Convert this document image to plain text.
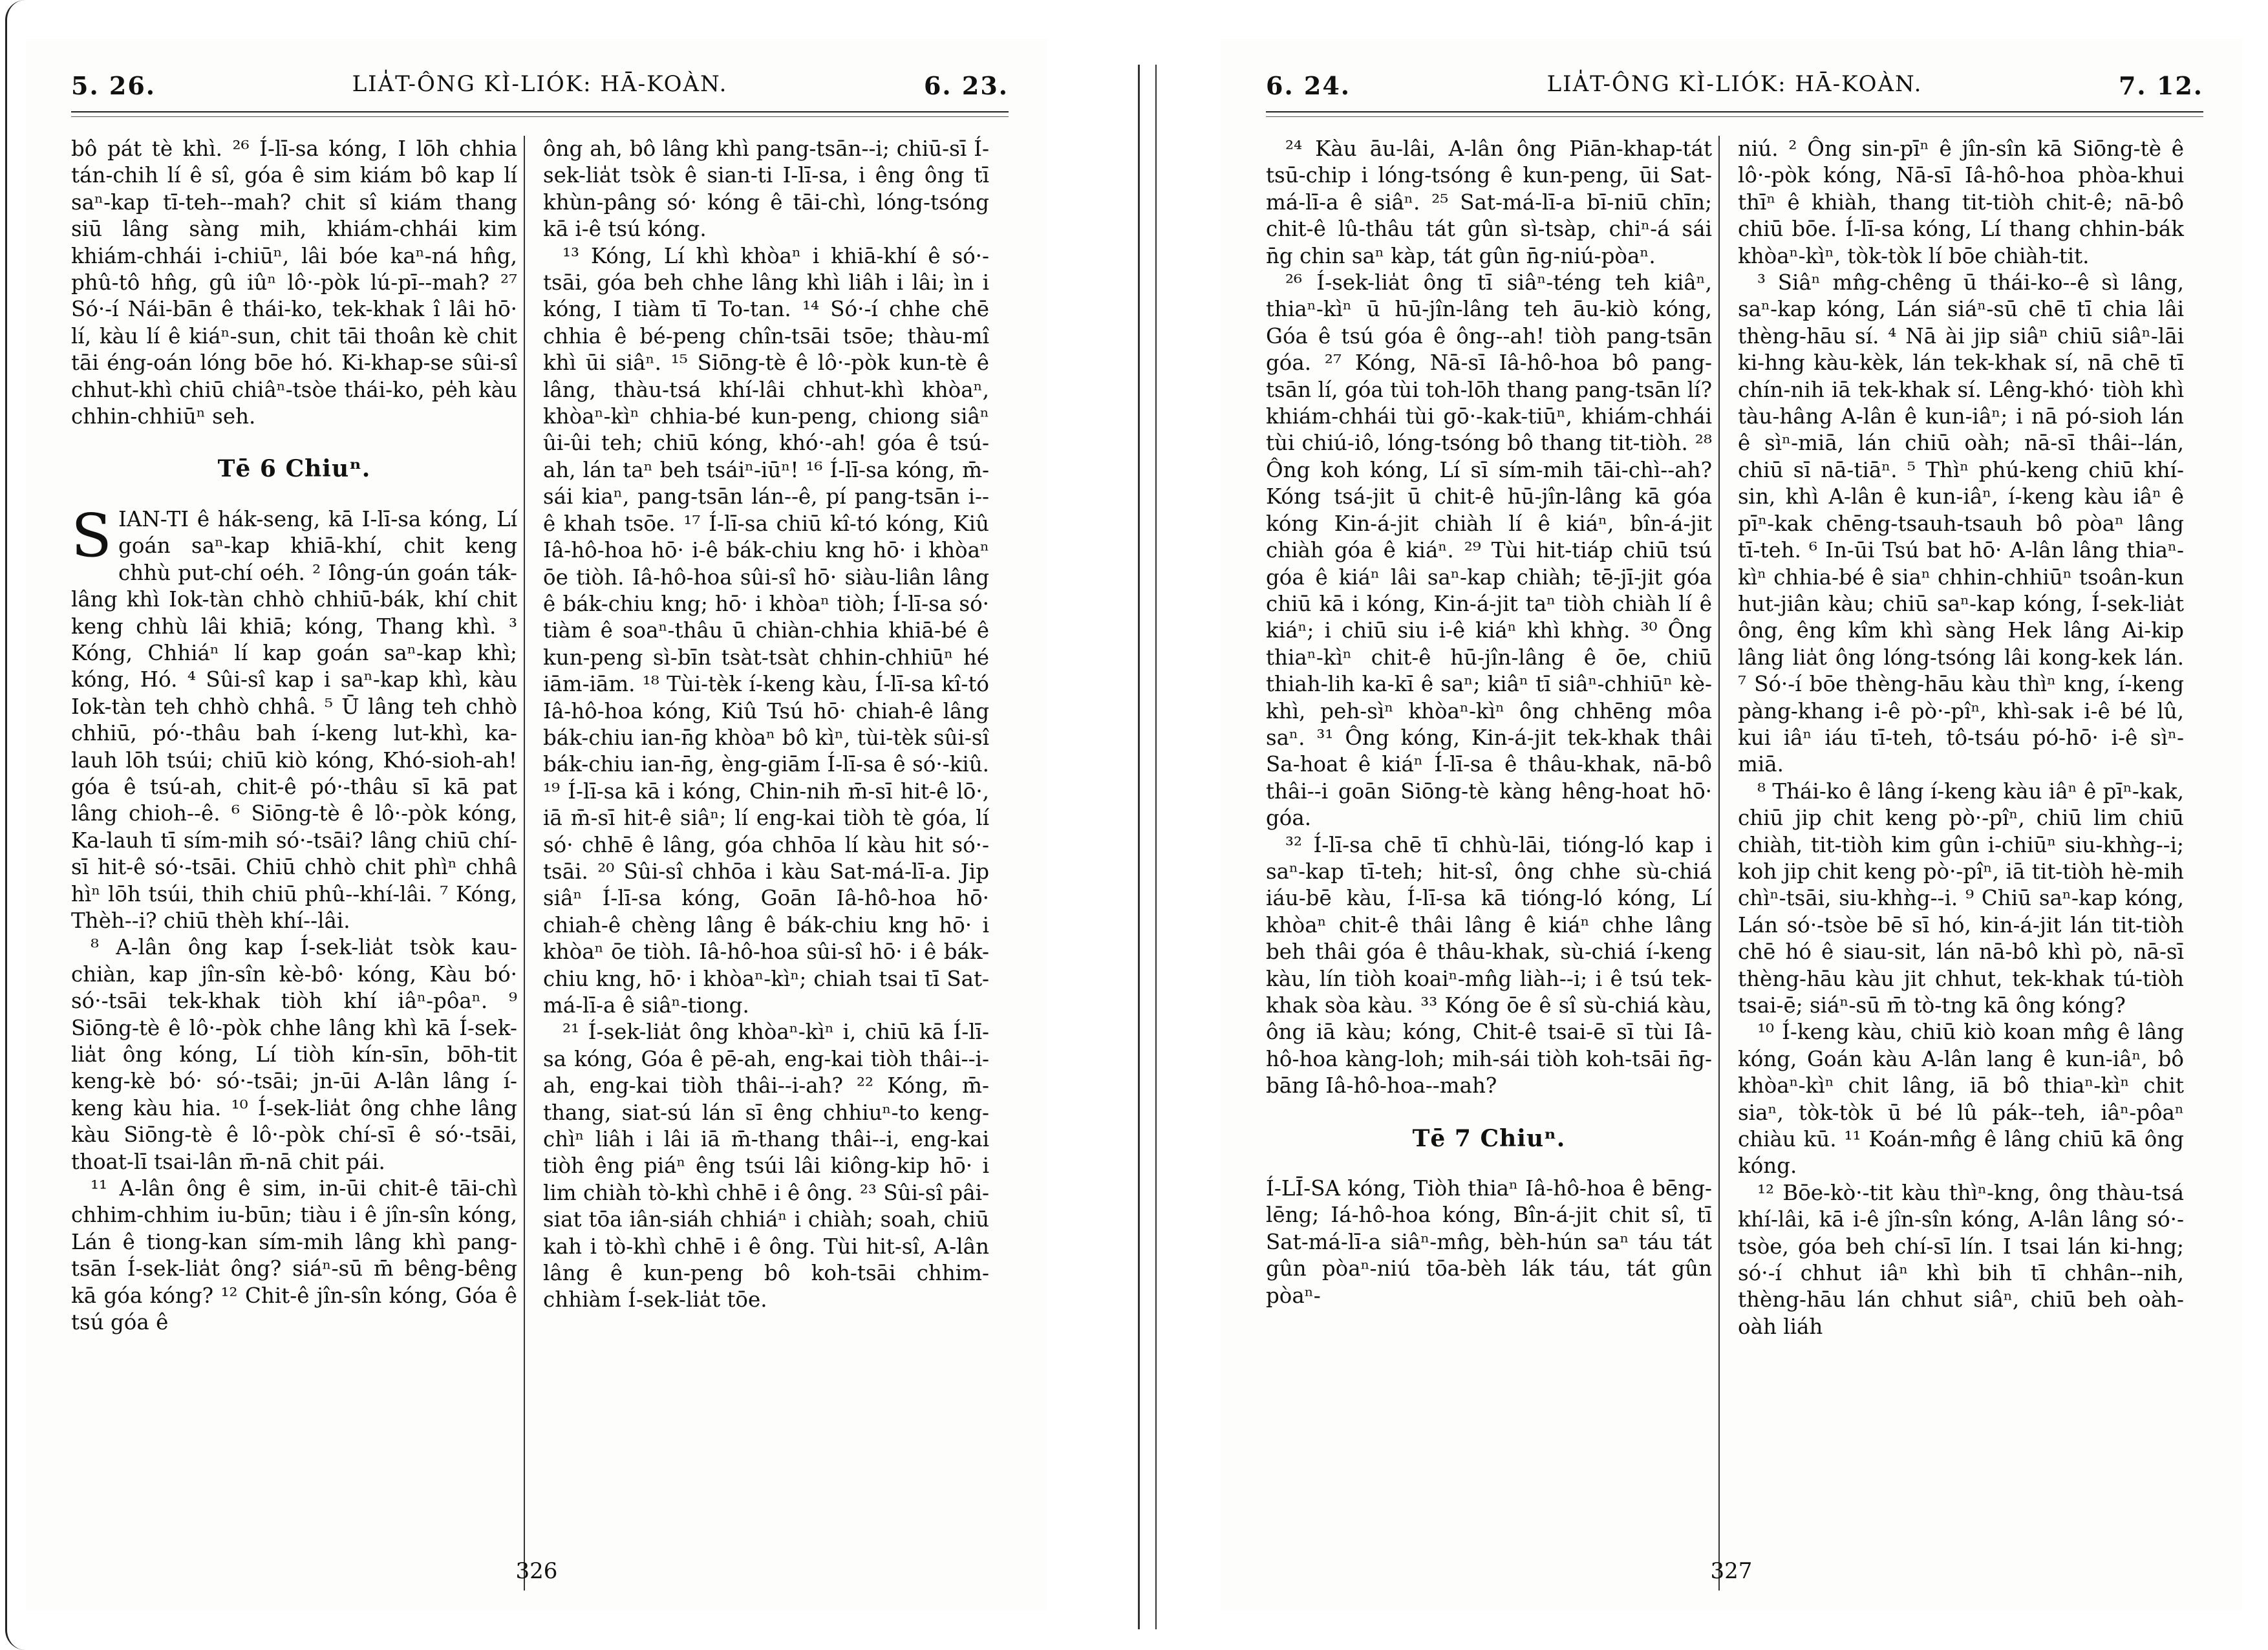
5. 26.	LIA̍T-ÔNG KÌ-LIÓK: HĀ-KOÀN.	6. 23.

bô pát tè khì. ²⁶ Í-lī-sa kóng, I lōh chhia tán-chih lí ê sî, góa ê sim kiám bô kap lí saⁿ-kap tī-teh--mah? chit sî kiám thang siū lâng sàng mih, khiám-chhái kim khiám-chhái i-chiūⁿ, lâi bóe kaⁿ-ná hn̂g, phû-tô hn̂g, gû iûⁿ lô·-pòk lú-pī--mah? ²⁷ Só·-í Nái-bān ê thái-ko, tek-khak î lâi hō· lí, kàu lí ê kiáⁿ-sun, chit tāi thoân kè chit tāi éng-oán lóng bōe hó. Ki-khap-se sûi-sî chhut-khì chiū chiâⁿ-tsòe thái-ko, pe̍h kàu chhin-chhiūⁿ seh.

Tē 6 Chiuⁿ.

SIAN-TI ê hák-seng, kā I-lī-sa kóng, Lí goán saⁿ-kap khiā-khí, chit keng chhù put-chí oéh. ² Iông-ún goán ták-lâng khì Iok-tàn chhò chhiū-bák, khí chit keng chhù lâi khiā; kóng, Thang khì. ³ Kóng, Chhiáⁿ lí kap goán saⁿ-kap khì; kóng, Hó. ⁴ Sûi-sî kap i saⁿ-kap khì, kàu Iok-tàn teh chhò chhâ. ⁵ Ū lâng teh chhò chhiū, pó·-thâu bah í-keng lut-khì, ka-lauh lōh tsúi; chiū kiò kóng, Khó-sioh-ah! góa ê tsú-ah, chit-ê pó·-thâu sī kā pat lâng chioh--ê. ⁶ Siōng-tè ê lô·-pòk kóng, Ka-lauh tī sím-mih só·-tsāi? lâng chiū chí-sī hit-ê só·-tsāi. Chiū chhò chit phìⁿ chhâ hìⁿ lōh tsúi, thih chiū phû--khí-lâi. ⁷ Kóng, Thèh--i? chiū thèh khí--lâi.

⁸ A-lân ông kap Í-sek-lia̍t tsòk kau-chiàn, kap jîn-sîn kè-bô· kóng, Kàu bó· só·-tsāi tek-khak tiòh khí iâⁿ-pôaⁿ. ⁹ Siōng-tè ê lô·-pòk chhe lâng khì kā Í-sek-lia̍t ông kóng, Lí tiòh kín-sīn, bōh-tit keng-kè bó· só·-tsāi; jn-ūi A-lân lâng í-keng kàu hia. ¹⁰ Í-sek-lia̍t ông chhe lâng kàu Siōng-tè ê lô·-pòk chí-sī ê só·-tsāi, thoat-lī tsai-lân m̄-nā chit pái.

¹¹ A-lân ông ê sim, in-ūi chit-ê tāi-chì chhim-chhim iu-būn; tiàu i ê jîn-sîn kóng, Lán ê tiong-kan sím-mih lâng khì pang-tsān Í-sek-lia̍t ông? siáⁿ-sū m̄ bêng-bêng kā góa kóng? ¹² Chit-ê jîn-sîn kóng, Góa ê tsú góa ê

ông ah, bô lâng khì pang-tsān--i; chiū-sī Í-sek-lia̍t tsòk ê sian-ti I-lī-sa, i êng ông tī khùn-pâng só· kóng ê tāi-chì, lóng-tsóng kā i-ê tsú kóng.

¹³ Kóng, Lí khì khòaⁿ i khiā-khí ê só·-tsāi, góa beh chhe lâng khì liâh i lâi; ìn i kóng, I tiàm tī To-tan. ¹⁴ Só·-í chhe chē chhia ê bé-peng chîn-tsāi tsōe; thàu-mî khì ūi siâⁿ. ¹⁵ Siōng-tè ê lô·-pòk kun-tè ê lâng, thàu-tsá khí-lâi chhut-khì khòaⁿ, khòaⁿ-kìⁿ chhia-bé kun-peng, chiong siâⁿ ûi-ûi teh; chiū kóng, khó·-ah! góa ê tsú-ah, lán taⁿ beh tsáiⁿ-iūⁿ! ¹⁶ Í-lī-sa kóng, m̄-sái kiaⁿ, pang-tsān lán--ê, pí pang-tsān i--ê khah tsōe. ¹⁷ Í-lī-sa chiū kî-tó kóng, Kiû Iâ-hô-hoa hō· i-ê bák-chiu kng hō· i khòaⁿ ōe tiòh. Iâ-hô-hoa sûi-sî hō· siàu-liân lâng ê bák-chiu kng; hō· i khòaⁿ tiòh; Í-lī-sa só· tiàm ê soaⁿ-thâu ū chiàn-chhia khiā-bé ê kun-peng sì-bīn tsàt-tsàt chhin-chhiūⁿ hé iām-iām. ¹⁸ Tùi-tèk í-keng kàu, Í-lī-sa kî-tó Iâ-hô-hoa kóng, Kiû Tsú hō· chiah-ê lâng bák-chiu ian-n̄g khòaⁿ bô kìⁿ, tùi-tèk sûi-sî bák-chiu ian-n̄g, èng-giām Í-lī-sa ê só·-kiû. ¹⁹ Í-lī-sa kā i kóng, Chin-nih m̄-sī hit-ê lō·, iā m̄-sī hit-ê siâⁿ; lí eng-kai tiòh tè góa, lí só· chhē ê lâng, góa chhōa lí kàu hit só·-tsāi. ²⁰ Sûi-sî chhōa i kàu Sat-má-lī-a. Jip siâⁿ Í-lī-sa kóng, Goān Iâ-hô-hoa hō· chiah-ê chèng lâng ê bák-chiu kng hō· i khòaⁿ ōe tiòh. Iâ-hô-hoa sûi-sî hō· i ê bák-chiu kng, hō· i khòaⁿ-kìⁿ; chiah tsai tī Sat-má-lī-a ê siâⁿ-tiong.

²¹ Í-sek-lia̍t ông khòaⁿ-kìⁿ i, chiū kā Í-lī-sa kóng, Góa ê pē-ah, eng-kai tiòh thâi--i-ah, eng-kai tiòh thâi--i-ah? ²² Kóng, m̄-thang, siat-sú lán sī êng chhiuⁿ-to keng-chìⁿ liâh i lâi iā m̄-thang thâi--i, eng-kai tiòh êng piáⁿ êng tsúi lâi kiông-kip hō· i lim chiàh tò-khì chhē i ê ông. ²³ Sûi-sî pâi-siat tōa iân-siáh chhiáⁿ i chiàh; soah, chiū kah i tò-khì chhē i ê ông. Tùi hit-sî, A-lân lâng ê kun-peng bô koh-tsāi chhim-chhiàm Í-sek-lia̍t tōe.

326
6. 24.	LIA̍T-ÔNG KÌ-LIÓK: HĀ-KOÀN.	7. 12.

²⁴ Kàu āu-lâi, A-lân ông Piān-khap-tát tsū-chip i lóng-tsóng ê kun-peng, ūi Sat-má-lī-a ê siâⁿ. ²⁵ Sat-má-lī-a bī-niū chīn; chit-ê lû-thâu tát gûn sì-tsàp, chiⁿ-á sái n̄g chin saⁿ kàp, tát gûn n̄g-niú-pòaⁿ.

²⁶ Í-sek-lia̍t ông tī siâⁿ-téng teh kiâⁿ, thiaⁿ-kìⁿ ū hū-jîn-lâng teh āu-kiò kóng, Góa ê tsú góa ê ông--ah! tiòh pang-tsān góa. ²⁷ Kóng, Nā-sī Iâ-hô-hoa bô pang-tsān lí, góa tùi toh-lōh thang pang-tsān lí? khiám-chhái tùi gō·-kak-tiūⁿ, khiám-chhái tùi chiú-iô, lóng-tsóng bô thang tit-tiòh. ²⁸ Ông koh kóng, Lí sī sím-mih tāi-chì--ah? Kóng tsá-jit ū chit-ê hū-jîn-lâng kā góa kóng Kin-á-jit chiàh lí ê kiáⁿ, bîn-á-jit chiàh góa ê kiáⁿ. ²⁹ Tùi hit-tiáp chiū tsú góa ê kiáⁿ lâi saⁿ-kap chiàh; tē-jī-jit góa chiū kā i kóng, Kin-á-jit taⁿ tiòh chiàh lí ê kiáⁿ; i chiū siu i-ê kiáⁿ khì khǹg. ³⁰ Ông thiaⁿ-kìⁿ chit-ê hū-jîn-lâng ê ōe, chiū thiah-lih ka-kī ê saⁿ; kiâⁿ tī siâⁿ-chhiūⁿ kè-khì, peh-sìⁿ khòaⁿ-kìⁿ ông chhēng môa saⁿ. ³¹ Ông kóng, Kin-á-jit tek-khak thâi Sa-hoat ê kiáⁿ Í-lī-sa ê thâu-khak, nā-bô thâi--i goān Siōng-tè kàng hêng-hoat hō· góa.

³² Í-lī-sa chē tī chhù-lāi, tióng-ló kap i saⁿ-kap tī-teh; hit-sî, ông chhe sù-chiá iáu-bē kàu, Í-lī-sa kā tióng-ló kóng, Lí khòaⁿ chit-ê thâi lâng ê kiáⁿ chhe lâng beh thâi góa ê thâu-khak, sù-chiá í-keng kàu, lín tiòh koaiⁿ-mn̂g liàh--i; i ê tsú tek-khak sòa kàu. ³³ Kóng ōe ê sî sù-chiá kàu, ông iā kàu; kóng, Chit-ê tsai-ē sī tùi Iâ-hô-hoa kàng-loh; mih-sái tiòh koh-tsāi n̄g-bāng Iâ-hô-hoa--mah?

Tē 7 Chiuⁿ.

Í-LĪ-SA kóng, Tiòh thiaⁿ Iâ-hô-hoa ê bēng-lēng; Iá-hô-hoa kóng, Bîn-á-jit chit sî, tī Sat-má-lī-a siâⁿ-mn̂g, bèh-hún saⁿ táu tát gûn pòaⁿ-niú tōa-bèh lák táu, tát gûn pòaⁿ-

niú. ² Ông sin-pīⁿ ê jîn-sîn kā Siōng-tè ê lô·-pòk kóng, Nā-sī Iâ-hô-hoa phòa-khui thīⁿ ê khiàh, thang tit-tiòh chit-ê; nā-bô chiū bōe. Í-lī-sa kóng, Lí thang chhin-bák khòaⁿ-kìⁿ, tòk-tòk lí bōe chiàh-tit.

³ Siâⁿ mn̂g-chêng ū thái-ko--ê sì lâng, saⁿ-kap kóng, Lán siáⁿ-sū chē tī chia lâi thèng-hāu sí. ⁴ Nā ài jip siâⁿ chiū siâⁿ-lāi ki-hng kàu-kèk, lán tek-khak sí, nā chē tī chín-nih iā tek-khak sí. Lêng-khó· tiòh khì tàu-hâng A-lân ê kun-iâⁿ; i nā pó-sioh lán ê sìⁿ-miā, lán chiū oàh; nā-sī thâi--lán, chiū sī nā-tiāⁿ. ⁵ Thìⁿ phú-keng chiū khí-sin, khì A-lân ê kun-iâⁿ, í-keng kàu iâⁿ ê pīⁿ-kak chēng-tsauh-tsauh bô pòaⁿ lâng tī-teh. ⁶ In-ūi Tsú bat hō· A-lân lâng thiaⁿ-kìⁿ chhia-bé ê siaⁿ chhin-chhiūⁿ tsoân-kun hut-jiân kàu; chiū saⁿ-kap kóng, Í-sek-lia̍t ông, êng kîm khì sàng Hek lâng Ai-kip lâng lia̍t ông lóng-tsóng lâi kong-kek lán. ⁷ Só·-í bōe thèng-hāu kàu thìⁿ kng, í-keng pàng-khang i-ê pò·-pîⁿ, khì-sak i-ê bé lû, kui iâⁿ iáu tī-teh, tô-tsáu pó-hō· i-ê sìⁿ-miā.

⁸ Thái-ko ê lâng í-keng kàu iâⁿ ê pīⁿ-kak, chiū jip chit keng pò·-pîⁿ, chiū lim chiū chiàh, tit-tiòh kim gûn i-chiūⁿ siu-khǹg--i; koh jip chit keng pò·-pîⁿ, iā tit-tiòh hè-mih chìⁿ-tsāi, siu-khǹg--i. ⁹ Chiū saⁿ-kap kóng, Lán só·-tsòe bē sī hó, kin-á-jit lán tit-tiòh chē hó ê siau-sit, lán nā-bô khì pò, nā-sī thèng-hāu kàu jit chhut, tek-khak tú-tiòh tsai-ē; siáⁿ-sū m̄ tò-tng kā ông kóng?

¹⁰ Í-keng kàu, chiū kiò koan mn̂g ê lâng kóng, Goán kàu A-lân lang ê kun-iâⁿ, bô khòaⁿ-kìⁿ chit lâng, iā bô thiaⁿ-kìⁿ chit siaⁿ, tòk-tòk ū bé lû pák--teh, iâⁿ-pôaⁿ chiàu kū. ¹¹ Koán-mn̂g ê lâng chiū kā ông kóng.

¹² Bōe-kò·-tit kàu thìⁿ-kng, ông thàu-tsá khí-lâi, kā i-ê jîn-sîn kóng, A-lân lâng só·-tsòe, góa beh chí-sī lín. I tsai lán ki-hng; só·-í chhut iâⁿ khì bih tī chhân--nih, thèng-hāu lán chhut siâⁿ, chiū beh oàh-oàh liáh

327
